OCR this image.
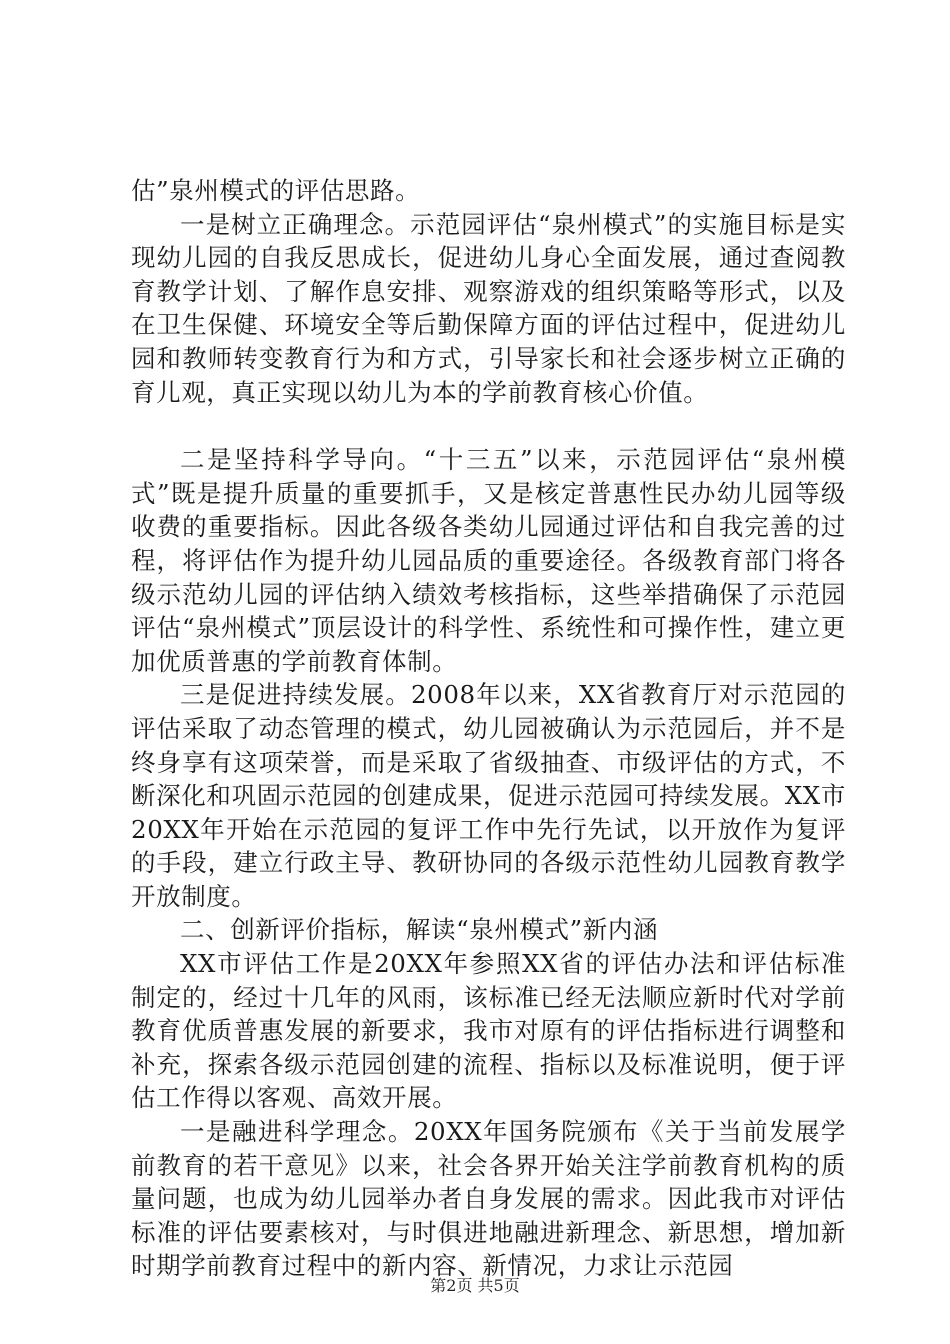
估”泉州模式的评估思路。

一是树立正确理念。示范园评估“泉州模式”的实施目标是实现幼儿园的自我反思成长，促进幼儿身心全面发展，通过查阅教育教学计划、了解作息安排、观察游戏的组织策略等形式，以及在卫生保健、环境安全等后勤保障方面的评估过程中，促进幼儿园和教师转变教育行为和方式，引导家长和社会逐步树立正确的育儿观，真正实现以幼儿为本的学前教育核心价值。

二是坚持科学导向。“十三五”以来，示范园评估“泉州模式”既是提升质量的重要抓手，又是核定普惠性民办幼儿园等级收费的重要指标。因此各级各类幼儿园通过评估和自我完善的过程，将评估作为提升幼儿园品质的重要途径。各级教育部门将各级示范幼儿园的评估纳入绩效考核指标，这些举措确保了示范园评估“泉州模式”顶层设计的科学性、系统性和可操作性，建立更加优质普惠的学前教育体制。

三是促进持续发展。2008年以来，XX省教育厅对示范园的评估采取了动态管理的模式，幼儿园被确认为示范园后，并不是终身享有这项荣誉，而是采取了省级抽查、市级评估的方式，不断深化和巩固示范园的创建成果，促进示范园可持续发展。XX市20XX年开始在示范园的复评工作中先行先试，以开放作为复评的手段，建立行政主导、教研协同的各级示范性幼儿园教育教学开放制度。

二、创新评价指标，解读“泉州模式”新内涵

XX市评估工作是20XX年参照XX省的评估办法和评估标准制定的，经过十几年的风雨，该标准已经无法顺应新时代对学前教育优质普惠发展的新要求，我市对原有的评估指标进行调整和补充，探索各级示范园创建的流程、指标以及标准说明，便于评估工作得以客观、高效开展。

一是融进科学理念。20XX年国务院颁布《关于当前发展学前教育的若干意见》以来，社会各界开始关注学前教育机构的质量问题，也成为幼儿园举办者自身发展的需求。因此我市对评估标准的评估要素核对，与时俱进地融进新理念、新思想，增加新时期学前教育过程中的新内容、新情况，力求让示范园

第2页 共5页
